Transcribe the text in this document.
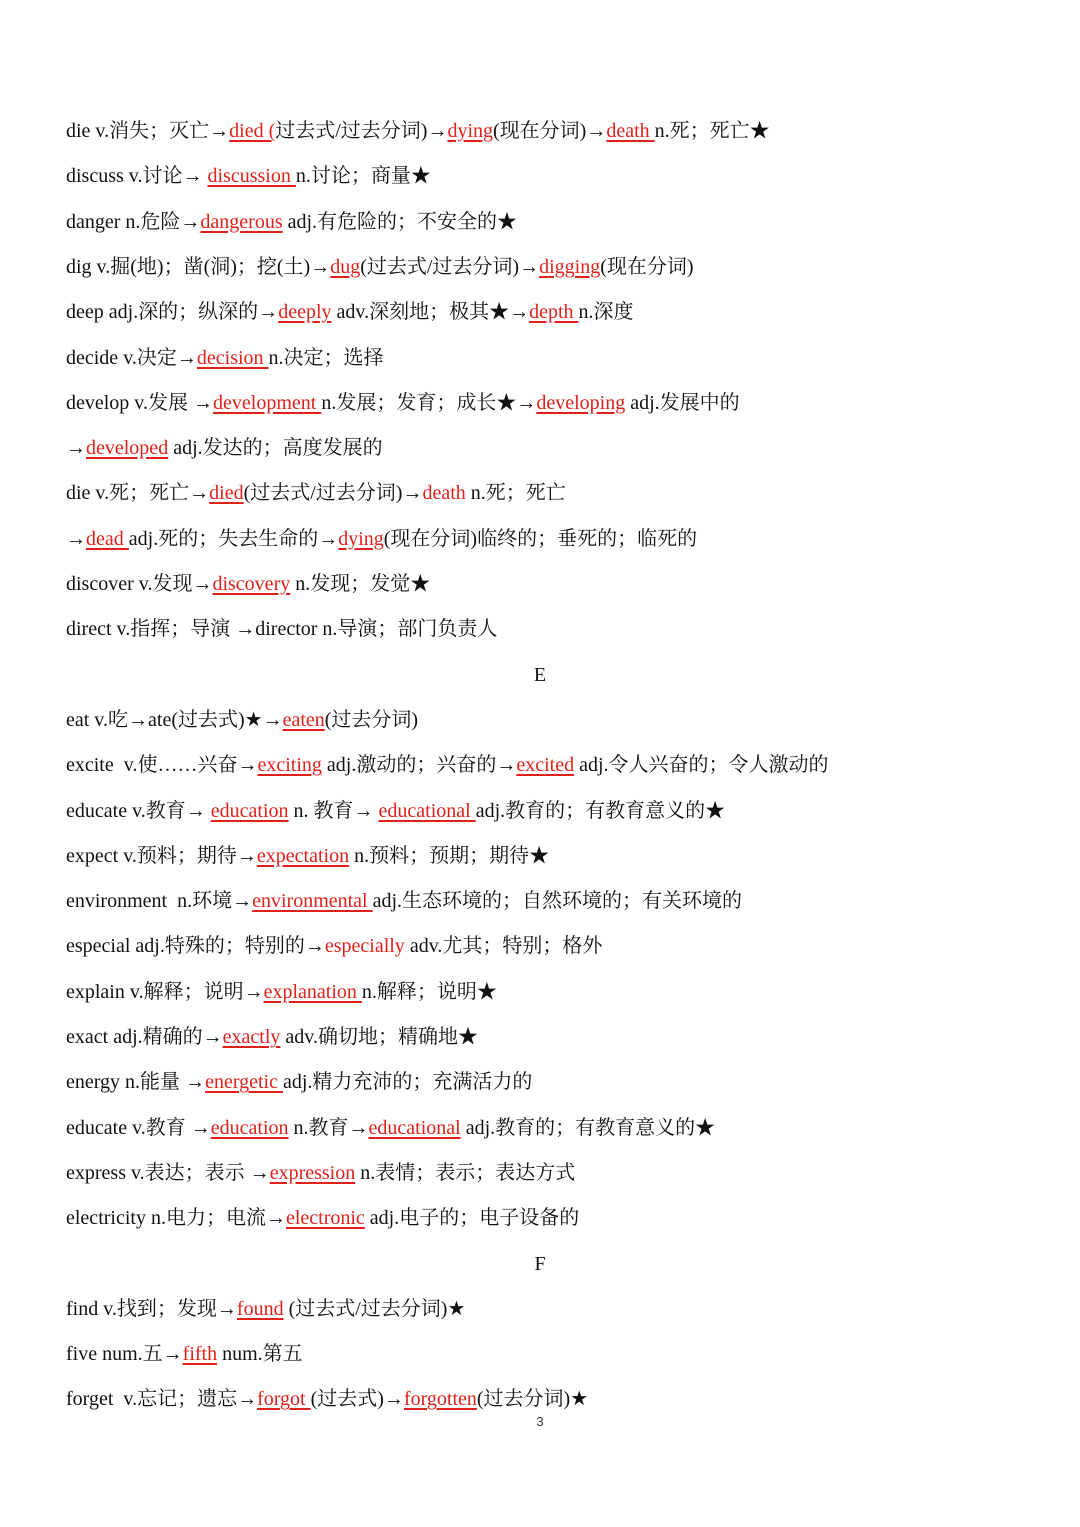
die v.消失；灭亡→died (过去式/过去分词)→dying(现在分词)→death n.死；死亡★
discuss v.讨论→ discussion n.讨论；商量★
danger n.危险→dangerous adj.有危险的；不安全的★
dig v.掘(地)；凿(洞)；挖(土)→dug(过去式/过去分词)→digging(现在分词)
deep adj.深的；纵深的→deeply adv.深刻地；极其★→depth n.深度
decide v.决定→decision n.决定；选择
develop v.发展 →development n.发展；发育；成长★→developing adj.发展中的
→developed adj.发达的；高度发展的
die v.死；死亡→died(过去式/过去分词)→death n.死；死亡
→dead adj.死的；失去生命的→dying(现在分词)临终的；垂死的；临死的
discover v.发现→discovery n.发现；发觉★
direct v.指挥；导演 →director n.导演；部门负责人
E
eat v.吃→ate(过去式)★→eaten(过去分词)
excite  v.使……兴奋→exciting adj.激动的；兴奋的→excited adj.令人兴奋的；令人激动的
educate v.教育→ education n. 教育→ educational adj.教育的；有教育意义的★
expect v.预料；期待→expectation n.预料；预期；期待★
environment  n.环境→environmental adj.生态环境的；自然环境的；有关环境的
especial adj.特殊的；特别的→especially adv.尤其；特别；格外
explain v.解释；说明→explanation n.解释；说明★
exact adj.精确的→exactly adv.确切地；精确地★
energy n.能量 →energetic adj.精力充沛的；充满活力的
educate v.教育 →education n.教育→educational adj.教育的；有教育意义的★
express v.表达；表示 →expression n.表情；表示；表达方式
electricity n.电力；电流→electronic adj.电子的；电子设备的
F
find v.找到；发现→found (过去式/过去分词)★
five num.五→fifth num.第五
forget  v.忘记；遗忘→forgot (过去式)→forgotten(过去分词)★
3
